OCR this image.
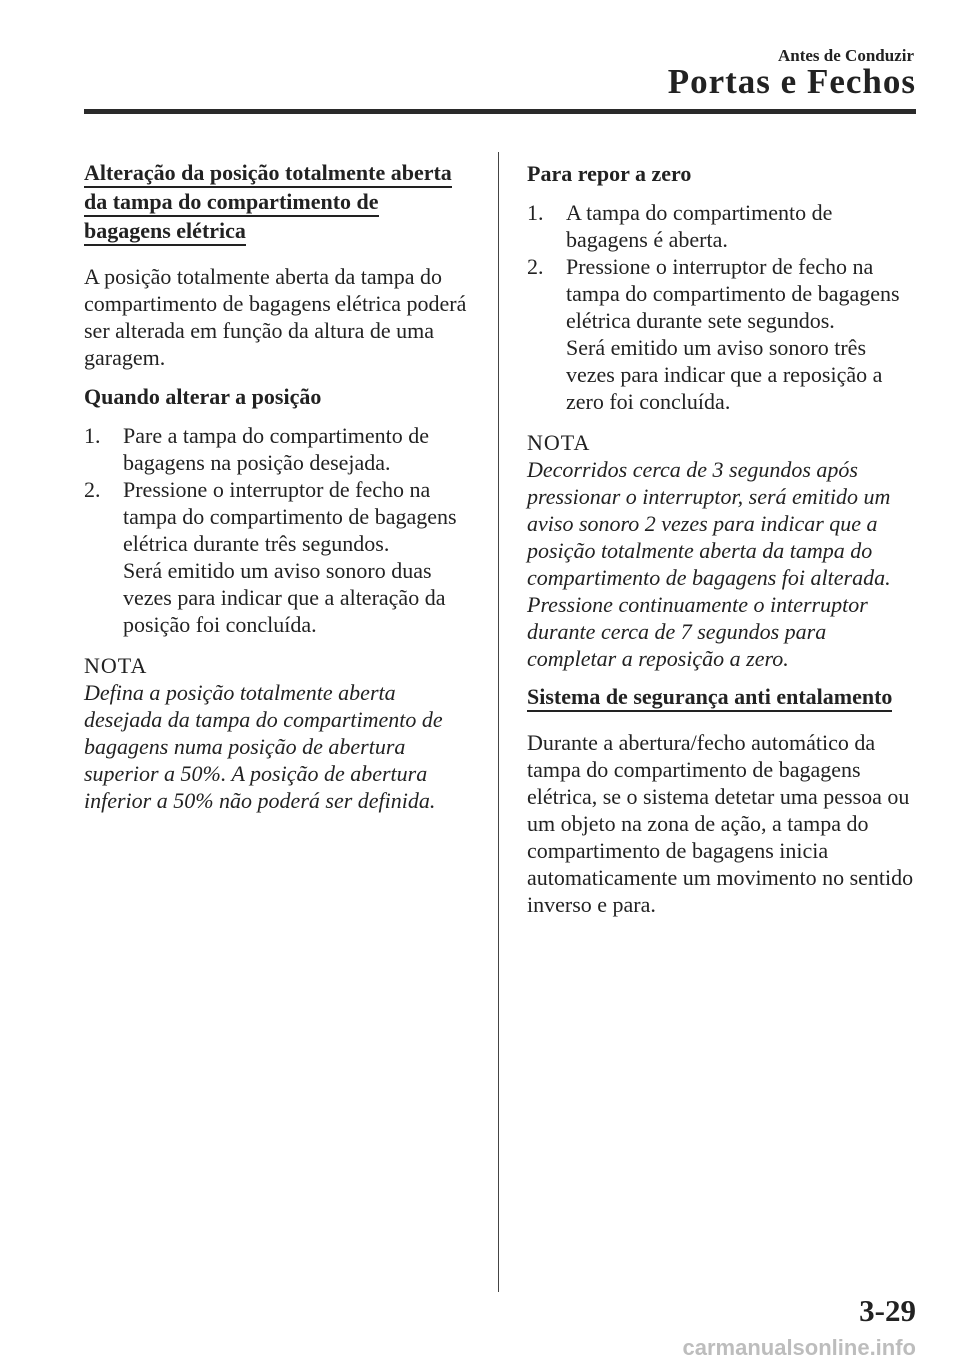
Antes de Conduzir
Portas e Fechos
Alteração da posição totalmente aberta
da tampa do compartimento de
bagagens elétrica

A posição totalmente aberta da tampa do compartimento de bagagens elétrica poderá ser alterada em função da altura de uma garagem.

Quando alterar a posição
1. Pare a tampa do compartimento de bagagens na posição desejada.
2. Pressione o interruptor de fecho na tampa do compartimento de bagagens elétrica durante três segundos.
Será emitido um aviso sonoro duas vezes para indicar que a alteração da posição foi concluída.
NOTA
Defina a posição totalmente aberta desejada da tampa do compartimento de bagagens numa posição de abertura superior a 50%. A posição de abertura inferior a 50% não poderá ser definida.
Para repor a zero
1. A tampa do compartimento de bagagens é aberta.
2. Pressione o interruptor de fecho na tampa do compartimento de bagagens elétrica durante sete segundos.
Será emitido um aviso sonoro três vezes para indicar que a reposição a zero foi concluída.
NOTA
Decorridos cerca de 3 segundos após pressionar o interruptor, será emitido um aviso sonoro 2 vezes para indicar que a posição totalmente aberta da tampa do compartimento de bagagens foi alterada. Pressione continuamente o interruptor durante cerca de 7 segundos para completar a reposição a zero.
Sistema de segurança anti entalamento

Durante a abertura/fecho automático da tampa do compartimento de bagagens elétrica, se o sistema detetar uma pessoa ou um objeto na zona de ação, a tampa do compartimento de bagagens inicia automaticamente um movimento no sentido inverso e para.

3-29
carmanualsonline.info
